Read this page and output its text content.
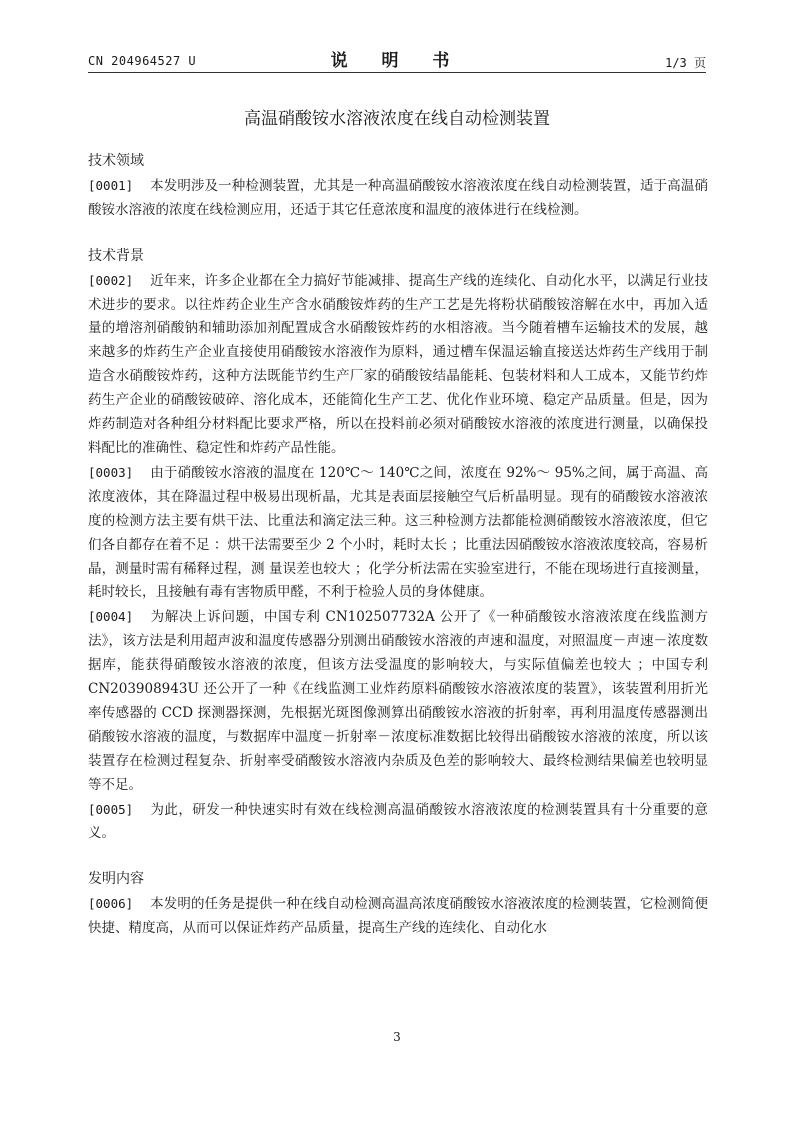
CN 204964527 U	说 明 书	1/3 页
高温硝酸铵水溶液浓度在线自动检测装置
技术领域

[0001] 本发明涉及一种检测装置，尤其是一种高温硝酸铵水溶液浓度在线自动检测装置，适于高温硝酸铵水溶液的浓度在线检测应用，还适于其它任意浓度和温度的液体进行在线检测。

技术背景

[0002] 近年来，许多企业都在全力搞好节能减排、提高生产线的连续化、自动化水平，以满足行业技术进步的要求。以往炸药企业生产含水硝酸铵炸药的生产工艺是先将粉状硝酸铵溶解在水中，再加入适量的增溶剂硝酸钠和辅助添加剂配置成含水硝酸铵炸药的水相溶液。当今随着槽车运输技术的发展，越来越多的炸药生产企业直接使用硝酸铵水溶液作为原料，通过槽车保温运输直接送达炸药生产线用于制造含水硝酸铵炸药，这种方法既能节约生产厂家的硝酸铵结晶能耗、包装材料和人工成本，又能节约炸药生产企业的硝酸铵破碎、溶化成本，还能简化生产工艺、优化作业环境、稳定产品质量。但是，因为炸药制造对各种组分材料配比要求严格，所以在投料前必须对硝酸铵水溶液的浓度进行测量，以确保投料配比的准确性、稳定性和炸药产品性能。

[0003] 由于硝酸铵水溶液的温度在 120℃～ 140℃之间，浓度在 92%～ 95%之间，属于高温、高浓度液体，其在降温过程中极易出现析晶，尤其是表面层接触空气后析晶明显。现有的硝酸铵水溶液浓度的检测方法主要有烘干法、比重法和滴定法三种。这三种检测方法都能检测硝酸铵水溶液浓度，但它们各自都存在着不足 ：烘干法需要至少 2 个小时，耗时太长 ；比重法因硝酸铵水溶液浓度较高，容易析晶，测量时需有稀释过程，测 量误差也较大 ；化学分析法需在实验室进行，不能在现场进行直接测量，耗时较长，且接触有毒有害物质甲醛，不利于检验人员的身体健康。

[0004] 为解决上诉问题，中国专利 CN102507732A 公开了《一种硝酸铵水溶液浓度在线监测方法》，该方法是利用超声波和温度传感器分别测出硝酸铵水溶液的声速和温度，对照温度－声速－浓度数据库，能获得硝酸铵水溶液的浓度，但该方法受温度的影响较大，与实际值偏差也较大 ；中国专利 CN203908943U 还公开了一种《在线监测工业炸药原料硝酸铵水溶液浓度的装置》，该装置利用折光率传感器的 CCD 探测器探测，先根据光斑图像测算出硝酸铵水溶液的折射率，再利用温度传感器测出硝酸铵水溶液的温度，与数据库中温度－折射率－浓度标准数据比较得出硝酸铵水溶液的浓度，所以该装置存在检测过程复杂、折射率受硝酸铵水溶液内杂质及色差的影响较大、最终检测结果偏差也较明显等不足。

[0005] 为此，研发一种快速实时有效在线检测高温硝酸铵水溶液浓度的检测装置具有十分重要的意义。

发明内容

[0006] 本发明的任务是提供一种在线自动检测高温高浓度硝酸铵水溶液浓度的检测装置，它检测简便快捷、精度高，从而可以保证炸药产品质量，提高生产线的连续化、自动化水

3
